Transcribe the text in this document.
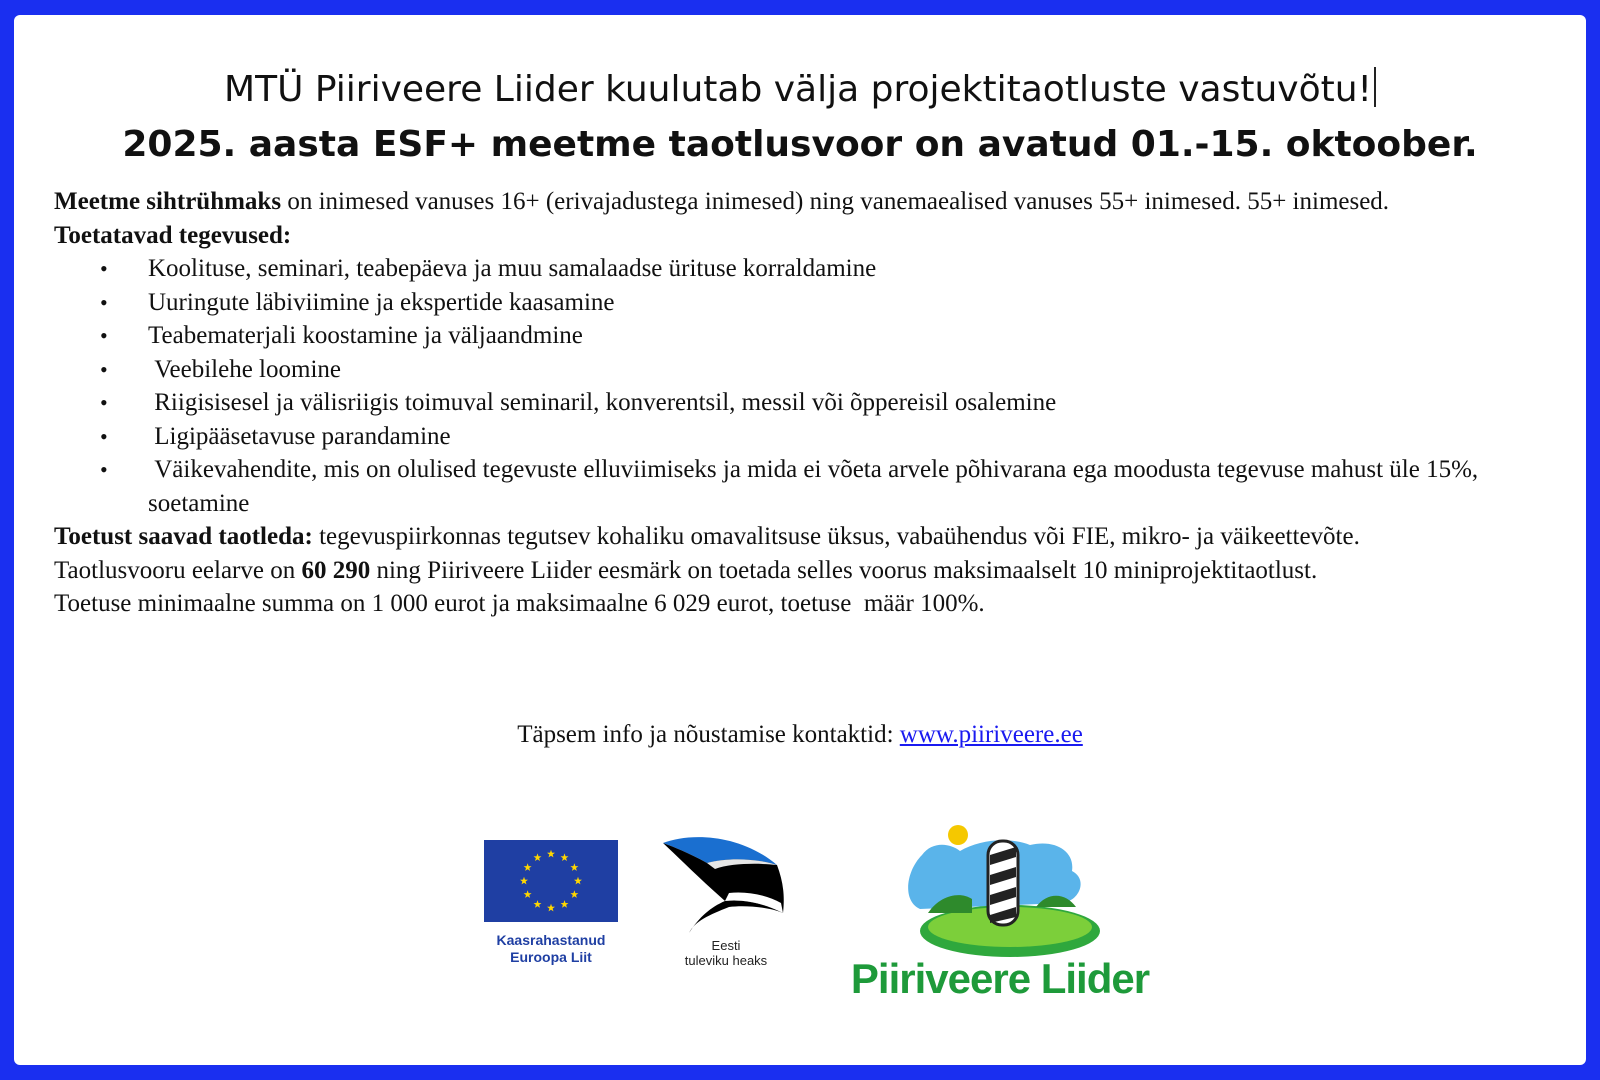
MTÜ Piiriveere Liider kuulutab välja projektitaotluste vastuvõtu!
2025. aasta ESF+ meetme taotlusvoor on avatud 01.-15. oktoober.

Meetme sihtrühmaks on inimesed vanuses 16+ (erivajadustega inimesed) ning vanemaealised vanuses 55+ inimesed. 55+ inimesed.

Toetatavad tegevused:

• Koolituse, seminari, teabepäeva ja muu samalaadse ürituse korraldamine
• Uuringute läbiviimine ja ekspertide kaasamine
• Teabematerjali koostamine ja väljaandmine
• Veebilehe loomine
• Riigisisesel ja välisriigis toimuval seminaril, konverentsil, messil või õppereisil osalemine
• Ligipääsetavuse parandamine
• Väikevahendite, mis on olulised tegevuste elluviimiseks ja mida ei võeta arvele põhivarana ega moodusta tegevuse mahust üle 15%, soetamine

Toetust saavad taotleda: tegevuspiirkonnas tegutsev kohaliku omavalitsuse üksus, vabaühendus või FIE, mikro- ja väikeettevõte.

Taotlusvooru eelarve on 60 290 ning Piiriveere Liider eesmärk on toetada selles voorus maksimaalselt 10 miniprojektitaotlust.

Toetuse minimaalne summa on 1 000 eurot ja maksimaalne 6 029 eurot, toetuse  määr 100%.

Täpsem info ja nõustamise kontaktid: www.piiriveere.ee
Kaasrahastanud
Euroopa Liit
Eesti
tuleviku heaks	Piiriveere Liider
